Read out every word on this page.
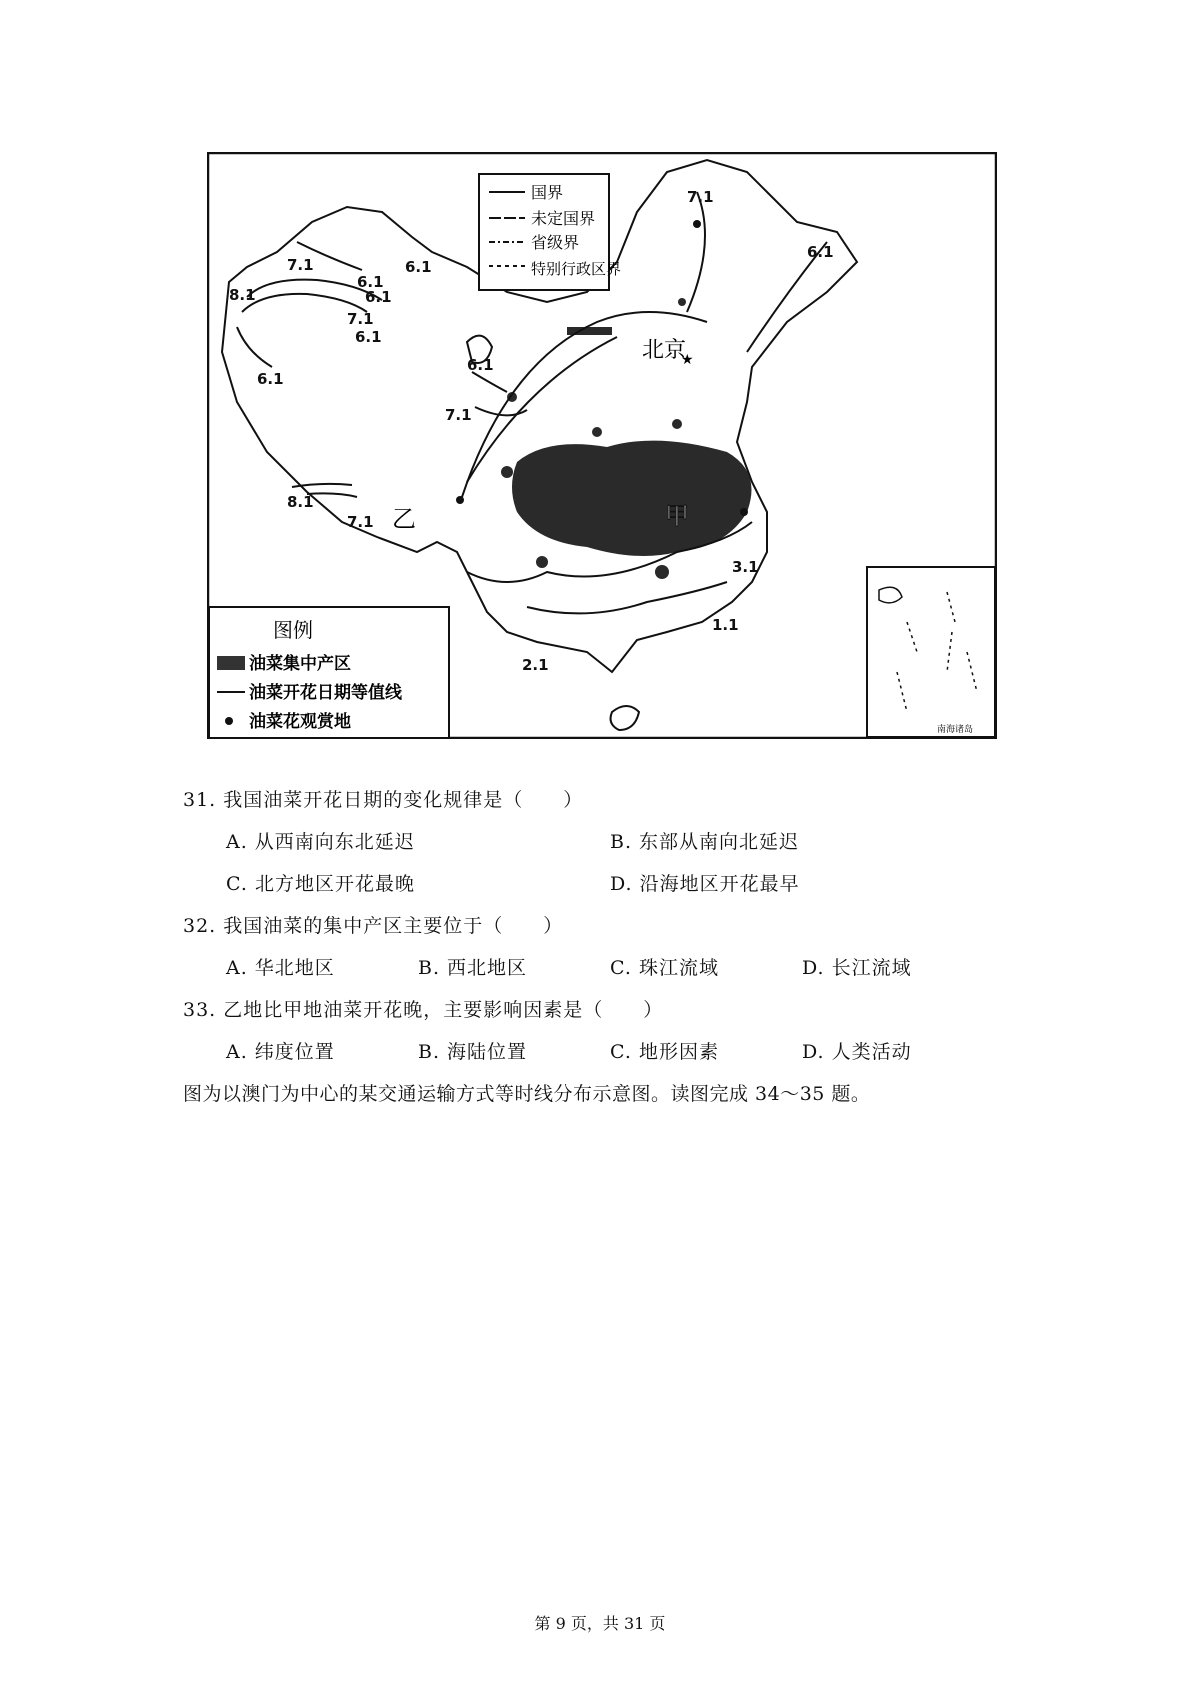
国界
未定国界
省级界
特别行政区界
7.1
8.1	6.1
7.1
6.1
6.1
6.1
6.1
7.1
6.1
8.1
7.1
3.1
1.1
2.1
7.1
6.1
北京
★
甲
乙
图例
油菜集中产区
油菜开花日期等值线
油菜花观赏地	南海诸岛
31. 我国油菜开花日期的变化规律是（　　）
A. 从西南向东北延迟	B. 东部从南向北延迟
C. 北方地区开花最晚	D. 沿海地区开花最早
32. 我国油菜的集中产区主要位于（　　）
A. 华北地区	B. 西北地区	C. 珠江流域	D. 长江流域
33. 乙地比甲地油菜开花晚，主要影响因素是（　　）
A. 纬度位置	B. 海陆位置	C. 地形因素	D. 人类活动
图为以澳门为中心的某交通运输方式等时线分布示意图。读图完成 34～35 题。
第 9 页，共 31 页
